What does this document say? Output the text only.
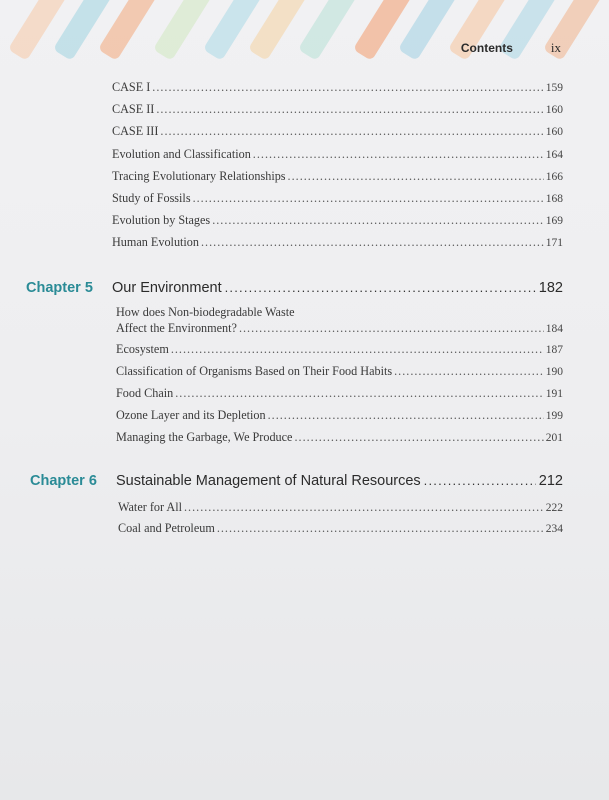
Contents	ix
CASE I .....	159
CASE II .....	160
CASE III .....	160
Evolution and Classification .....	164
Tracing Evolutionary Relationships .....	166
Study of Fossils .....	168
Evolution by Stages .....	169
Human Evolution .....	171
Chapter 5	Our Environment .....	182
How does Non-biodegradable Waste
Affect the Environment? .....	184
Ecosystem .....	187
Classification of Organisms Based on Their Food Habits .....	190
Food Chain .....	191
Ozone Layer and its Depletion .....	199
Managing the Garbage, We Produce .....	201
Chapter 6	Sustainable Management of Natural Resources .....	212
Water for All .....	222
Coal and Petroleum .....	234
